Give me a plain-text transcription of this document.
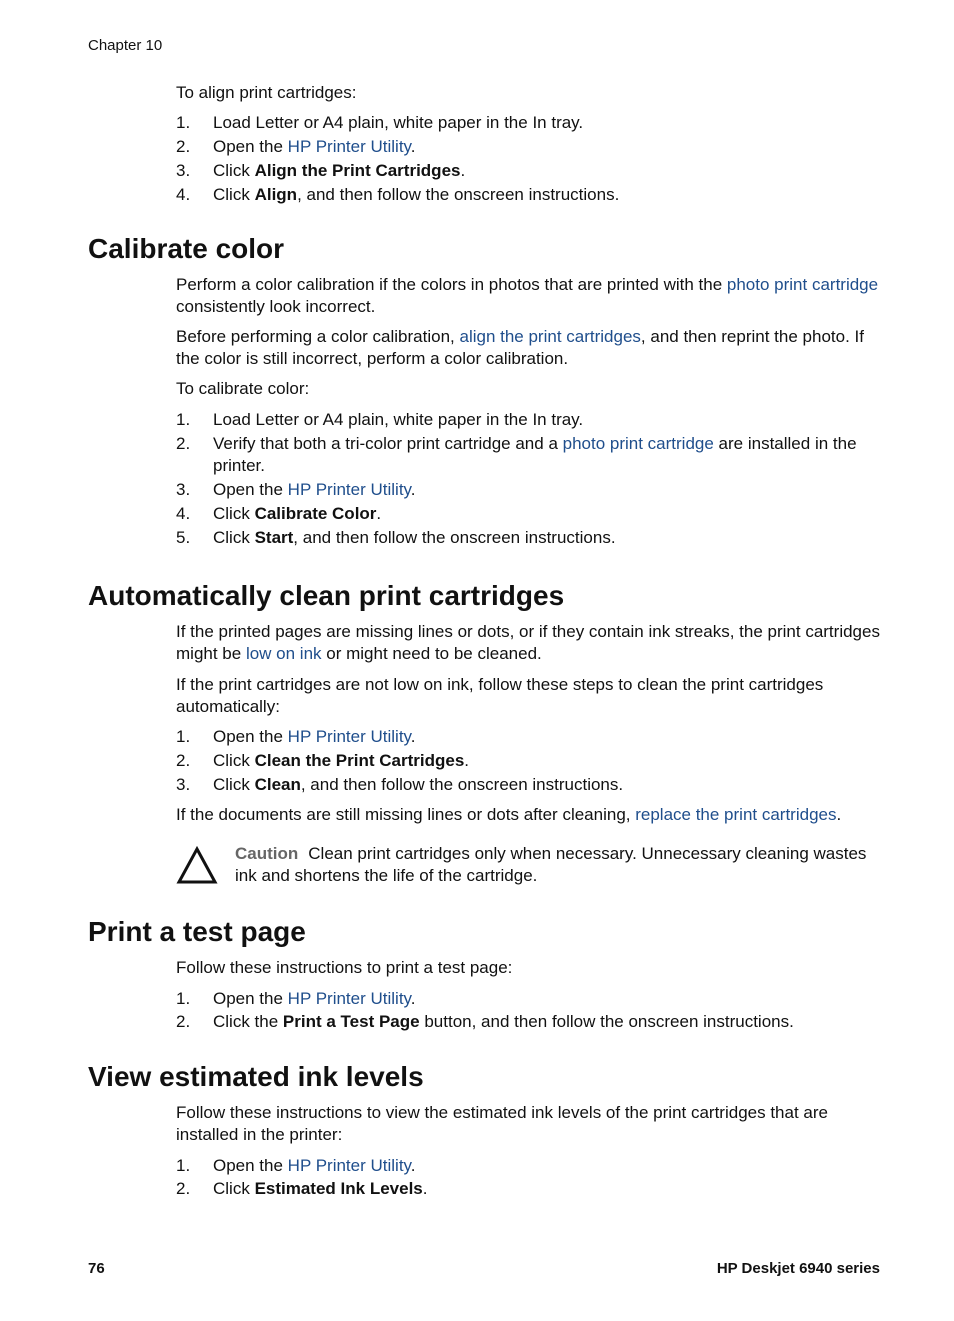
Chapter 10

To align print cartridges:

1. Load Letter or A4 plain, white paper in the In tray.
2. Open the HP Printer Utility.
3. Click Align the Print Cartridges.
4. Click Align, and then follow the onscreen instructions.
Calibrate color

Perform a color calibration if the colors in photos that are printed with the photo print cartridge consistently look incorrect.

Before performing a color calibration, align the print cartridges, and then reprint the photo. If the color is still incorrect, perform a color calibration.

To calibrate color:

1. Load Letter or A4 plain, white paper in the In tray.
2. Verify that both a tri-color print cartridge and a photo print cartridge are installed in the printer.
3. Open the HP Printer Utility.
4. Click Calibrate Color.
5. Click Start, and then follow the onscreen instructions.
Automatically clean print cartridges

If the printed pages are missing lines or dots, or if they contain ink streaks, the print cartridges might be low on ink or might need to be cleaned.

If the print cartridges are not low on ink, follow these steps to clean the print cartridges automatically:

1. Open the HP Printer Utility.
2. Click Clean the Print Cartridges.
3. Click Clean, and then follow the onscreen instructions.

If the documents are still missing lines or dots after cleaning, replace the print cartridges.

Caution Clean print cartridges only when necessary. Unnecessary cleaning wastes ink and shortens the life of the cartridge.
Print a test page

Follow these instructions to print a test page:

1. Open the HP Printer Utility.
2. Click the Print a Test Page button, and then follow the onscreen instructions.
View estimated ink levels

Follow these instructions to view the estimated ink levels of the print cartridges that are installed in the printer:

1. Open the HP Printer Utility.
2. Click Estimated Ink Levels.
76	HP Deskjet 6940 series
